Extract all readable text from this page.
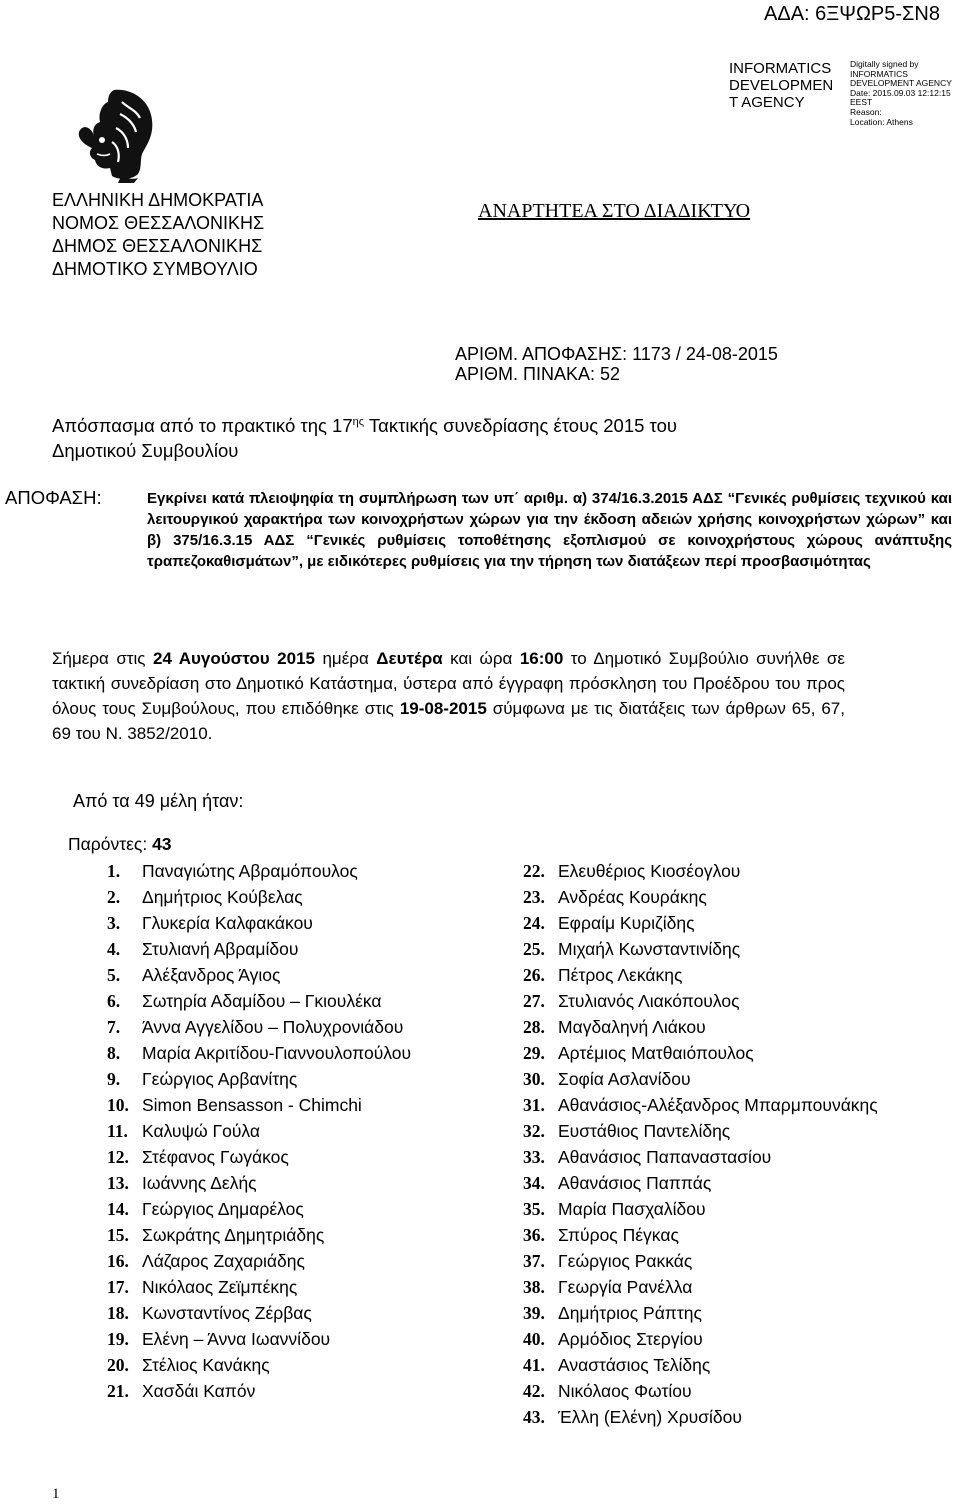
ΑΔΑ: 6ΞΨΩΡ5-ΣΝ8
INFORMATICS
DEVELOPMEN
T AGENCY
Digitally signed by
INFORMATICS
DEVELOPMENT AGENCY
Date: 2015.09.03 12:12:15
EEST
Reason:
Location: Athens
ΕΛΛΗΝΙΚΗ ΔΗΜΟΚΡΑΤΙΑ
ΝΟΜΟΣ ΘΕΣΣΑΛΟΝΙΚΗΣ
ΔΗΜΟΣ ΘΕΣΣΑΛΟΝΙΚΗΣ
ΔΗΜΟΤΙΚΟ ΣΥΜΒΟΥΛΙΟ
ΑΝΑΡΤΗΤΕΑ ΣΤΟ ΔΙΑΔΙΚΤΥΟ
ΑΡΙΘΜ. ΑΠΟΦΑΣΗΣ: 1173 / 24-08-2015
ΑΡΙΘΜ. ΠΙΝΑΚΑ: 52
Απόσπασμα από το πρακτικό της $17^{\eta\varsigma}$ Τακτικής συνεδρίασης έτους 2015 του
Δημοτικού Συμβουλίου
ΑΠΟΦΑΣΗ:	Εγκρίνει κατά πλειοψηφία τη συμπλήρωση των υπ΄ αριθμ. α) 374/16.3.2015 ΑΔΣ “Γενικές ρυθμίσεις τεχνικού και λειτουργικού χαρακτήρα των κοινοχρήστων χώρων για την έκδοση αδειών χρήσης κοινοχρήστων χώρων” και β) 375/16.3.15 ΑΔΣ “Γενικές ρυθμίσεις τοποθέτησης εξοπλισμού σε κοινοχρήστους χώρους ανάπτυξης τραπεζοκαθισμάτων”, με ειδικότερες ρυθμίσεις για την τήρηση των διατάξεων περί προσβασιμότητας
Σήμερα στις 24 Αυγούστου 2015 ημέρα Δευτέρα και ώρα 16:00 το Δημοτικό Συμβούλιο συνήλθε σε τακτική συνεδρίαση στο Δημοτικό Κατάστημα, ύστερα από έγγραφη πρόσκληση του Προέδρου του προς όλους τους Συμβούλους, που επιδόθηκε στις 19-08-2015 σύμφωνα με τις διατάξεις των άρθρων 65, 67, 69 του Ν. 3852/2010.
Από τα 49 μέλη ήταν:
Παρόντες: 43
1. Παναγιώτης Αβραμόπουλος
2. Δημήτριος Κούβελας
3. Γλυκερία Καλφακάκου
4. Στυλιανή Αβραμίδου
5. Αλέξανδρος Άγιος
6. Σωτηρία Αδαμίδου – Γκιουλέκα
7. Άννα Αγγελίδου – Πολυχρονιάδου
8. Μαρία Ακριτίδου-Γιαννουλοπούλου
9. Γεώργιος Αρβανίτης
10. Simon Bensasson - Chimchi
11. Καλυψώ Γούλα
12. Στέφανος Γωγάκος
13. Ιωάννης Δελής
14. Γεώργιος Δημαρέλος
15. Σωκράτης Δημητριάδης
16. Λάζαρος Ζαχαριάδης
17. Νικόλαος Ζεϊμπέκης
18. Κωνσταντίνος Ζέρβας
19. Ελένη – Άννα Ιωαννίδου
20. Στέλιος Κανάκης
21. Χασδάι Καπόν
22. Ελευθέριος Κιοσέογλου
23. Ανδρέας Κουράκης
24. Εφραίμ Κυριζίδης
25. Μιχαήλ Κωνσταντινίδης
26. Πέτρος Λεκάκης
27. Στυλιανός Λιακόπουλος
28. Μαγδαληνή Λιάκου
29. Αρτέμιος Ματθαιόπουλος
30. Σοφία Ασλανίδου
31. Αθανάσιος-Αλέξανδρος Μπαρμπουνάκης
32. Ευστάθιος Παντελίδης
33. Αθανάσιος Παπαναστασίου
34. Αθανάσιος Παππάς
35. Μαρία Πασχαλίδου
36. Σπύρος Πέγκας
37. Γεώργιος Ρακκάς
38. Γεωργία Ρανέλλα
39. Δημήτριος Ράπτης
40. Αρμόδιος Στεργίου
41. Αναστάσιος Τελίδης
42. Νικόλαος Φωτίου
43. Έλλη (Ελένη) Χρυσίδου
1
